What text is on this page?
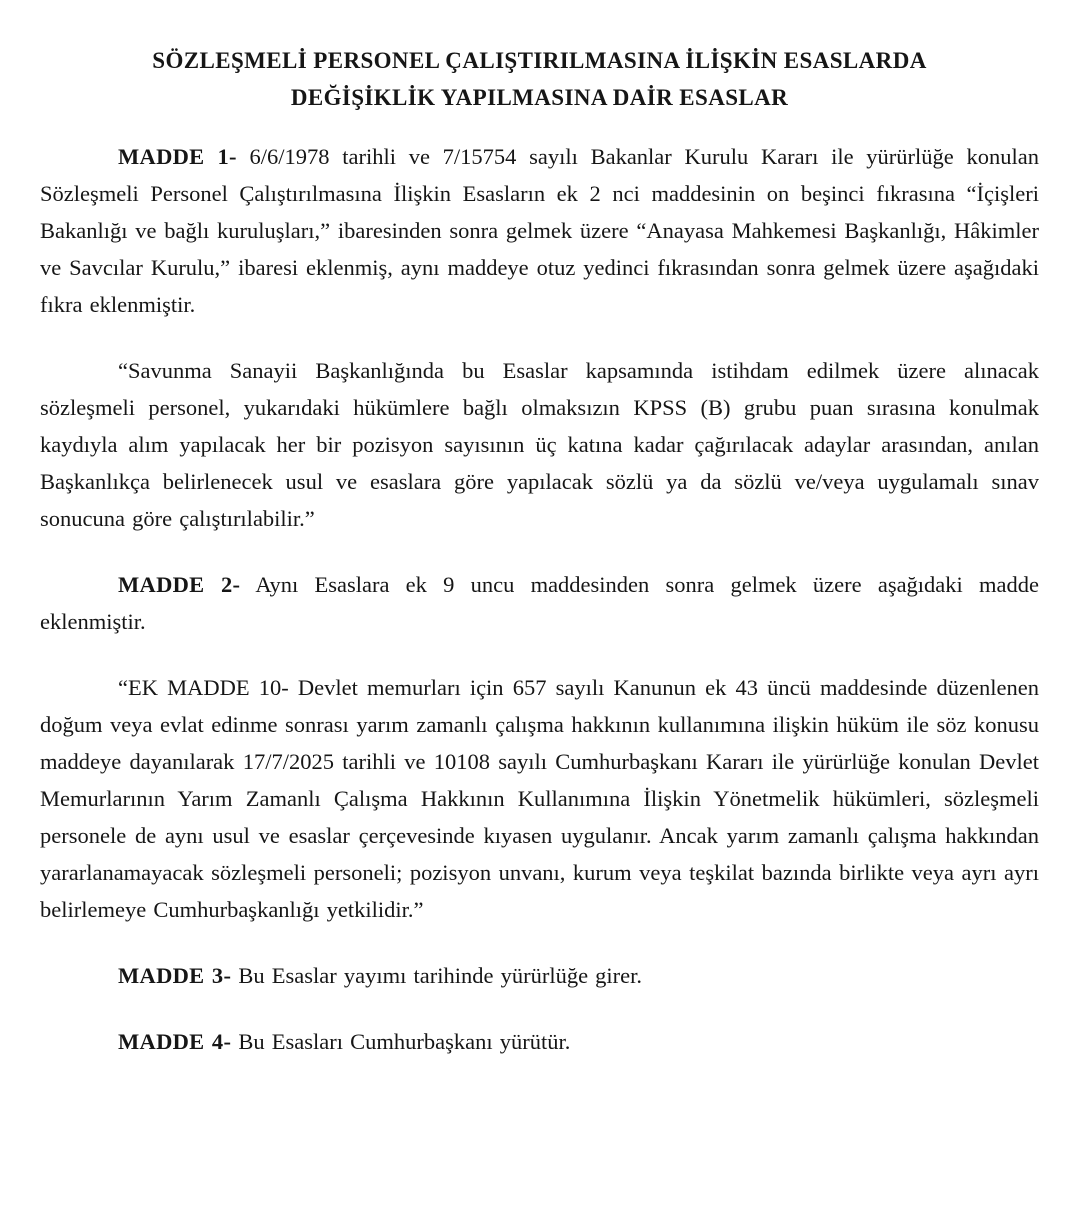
SÖZLEŞMELİ PERSONEL ÇALIŞTIRILMASINA İLİŞKİN ESASLARDA
DEĞİŞİKLİK YAPILMASINA DAİR ESASLAR

MADDE 1- 6/6/1978 tarihli ve 7/15754 sayılı Bakanlar Kurulu Kararı ile yürürlüğe konulan Sözleşmeli Personel Çalıştırılmasına İlişkin Esasların ek 2 nci maddesinin on beşinci fıkrasına “İçişleri Bakanlığı ve bağlı kuruluşları,” ibaresinden sonra gelmek üzere “Anayasa Mahkemesi Başkanlığı, Hâkimler ve Savcılar Kurulu,” ibaresi eklenmiş, aynı maddeye otuz yedinci fıkrasından sonra gelmek üzere aşağıdaki fıkra eklenmiştir.

“Savunma Sanayii Başkanlığında bu Esaslar kapsamında istihdam edilmek üzere alınacak sözleşmeli personel, yukarıdaki hükümlere bağlı olmaksızın KPSS (B) grubu puan sırasına konulmak kaydıyla alım yapılacak her bir pozisyon sayısının üç katına kadar çağırılacak adaylar arasından, anılan Başkanlıkça belirlenecek usul ve esaslara göre yapılacak sözlü ya da sözlü ve/veya uygulamalı sınav sonucuna göre çalıştırılabilir.”

MADDE 2- Aynı Esaslara ek 9 uncu maddesinden sonra gelmek üzere aşağıdaki madde eklenmiştir.

“EK MADDE 10- Devlet memurları için 657 sayılı Kanunun ek 43 üncü maddesinde düzenlenen doğum veya evlat edinme sonrası yarım zamanlı çalışma hakkının kullanımına ilişkin hüküm ile söz konusu maddeye dayanılarak 17/7/2025 tarihli ve 10108 sayılı Cumhurbaşkanı Kararı ile yürürlüğe konulan Devlet Memurlarının Yarım Zamanlı Çalışma Hakkının Kullanımına İlişkin Yönetmelik hükümleri, sözleşmeli personele de aynı usul ve esaslar çerçevesinde kıyasen uygulanır. Ancak yarım zamanlı çalışma hakkından yararlanamayacak sözleşmeli personeli; pozisyon unvanı, kurum veya teşkilat bazında birlikte veya ayrı ayrı belirlemeye Cumhurbaşkanlığı yetkilidir.”

MADDE 3- Bu Esaslar yayımı tarihinde yürürlüğe girer.

MADDE 4- Bu Esasları Cumhurbaşkanı yürütür.
